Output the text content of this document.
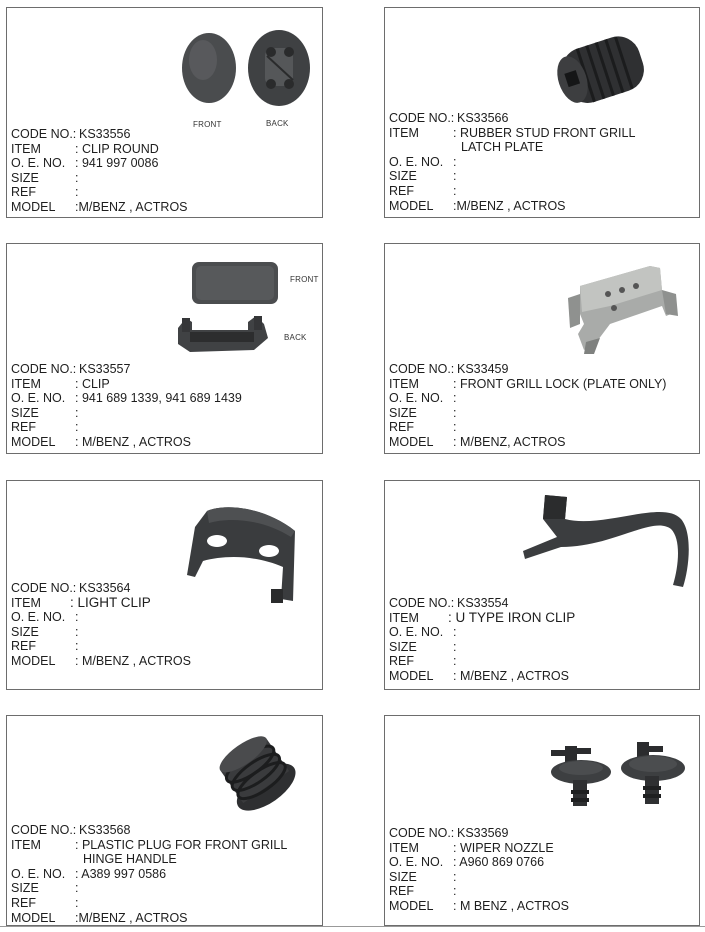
FRONT	BACK
CODE NO.: KS33556
ITEM	: CLIP ROUND
O. E. NO. : 941 997 0086
SIZE	:
REF	:
MODEL	:M/BENZ , ACTROS
CODE NO.: KS33566
ITEM	: RUBBER STUD FRONT GRILL
LATCH PLATE
O. E. NO. :
SIZE	:
REF	:
MODEL	:M/BENZ , ACTROS
FRONT
BACK
CODE NO.: KS33557
ITEM	: CLIP
O. E. NO. : 941 689 1339, 941 689 1439
SIZE	:
REF	:
MODEL	: M/BENZ , ACTROS
CODE NO.: KS33459
ITEM	: FRONT GRILL LOCK (PLATE ONLY)
O. E. NO. :
SIZE	:
REF	:
MODEL	: M/BENZ, ACTROS
CODE NO.: KS33564
ITEM	: LIGHT CLIP
O. E. NO. :
SIZE	:
REF	:
MODEL	: M/BENZ , ACTROS
CODE NO.: KS33554
ITEM	: U TYPE IRON CLIP
O. E. NO. :
SIZE	:
REF	:
MODEL	: M/BENZ , ACTROS
CODE NO.: KS33568
ITEM	: PLASTIC PLUG FOR FRONT GRILL
HINGE HANDLE
O. E. NO. : A389 997 0586
SIZE	:
REF	:
MODEL	:M/BENZ , ACTROS
CODE NO.: KS33569
ITEM	: WIPER NOZZLE
O. E. NO. : A960 869 0766
SIZE	:
REF	:
MODEL	: M BENZ , ACTROS
